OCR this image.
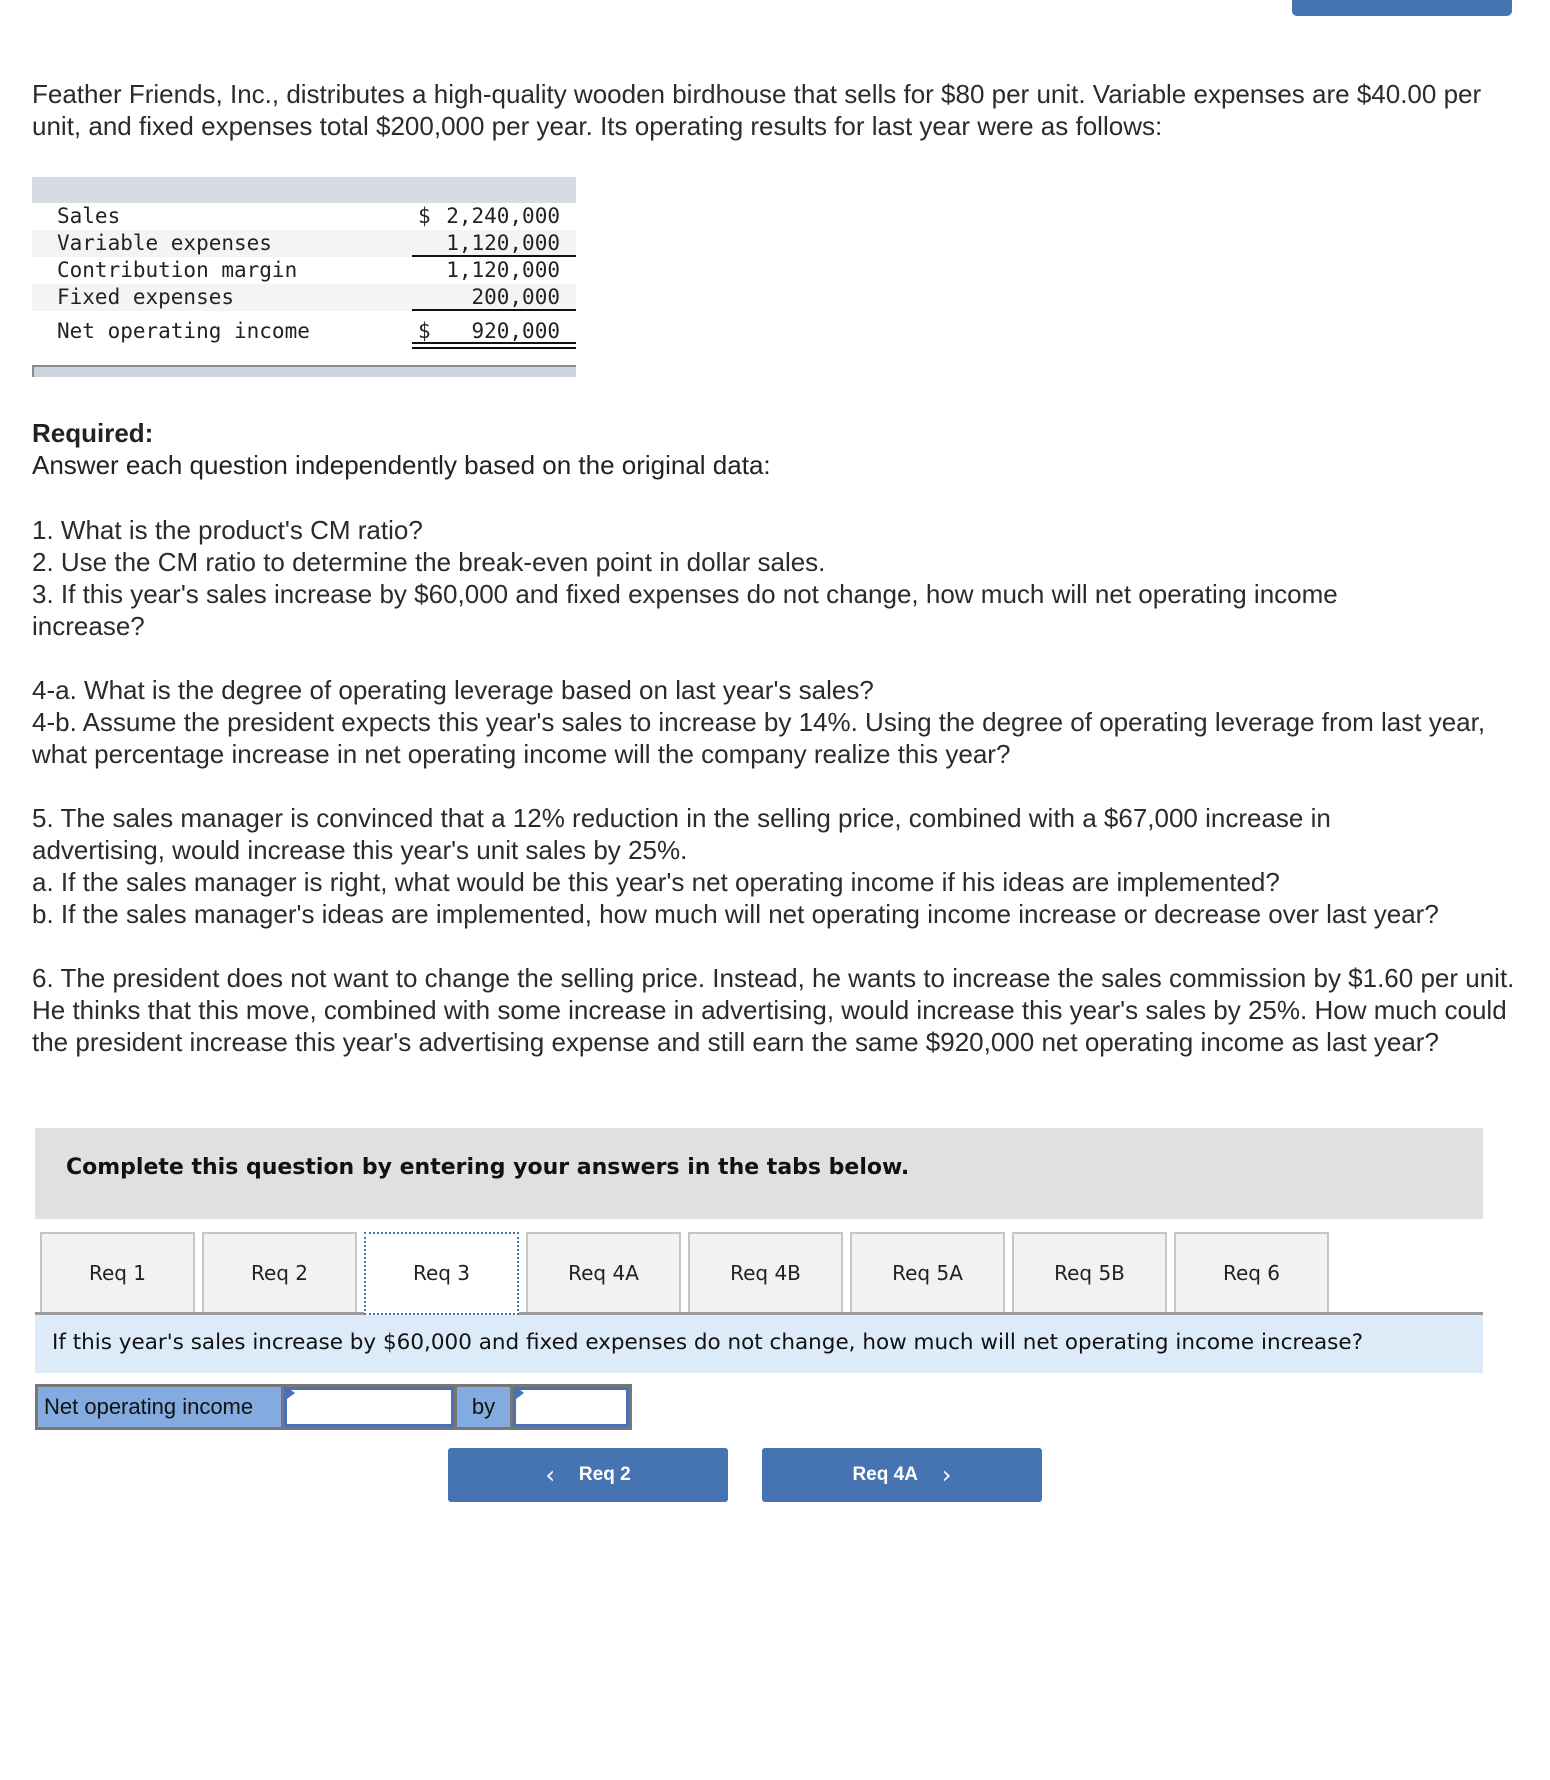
Feather Friends, Inc., distributes a high-quality wooden birdhouse that sells for $80 per unit. Variable expenses are $40.00 per unit, and fixed expenses total $200,000 per year. Its operating results for last year were as follows:
Sales	$ 2,240,000
Variable expenses	1,120,000
Contribution margin	1,120,000
Fixed expenses	200,000
Net operating income	$	920,000
Required:
Answer each question independently based on the original data:
1. What is the product's CM ratio?
2. Use the CM ratio to determine the break-even point in dollar sales.
3. If this year's sales increase by $60,000 and fixed expenses do not change, how much will net operating income increase?
4-a. What is the degree of operating leverage based on last year's sales?
4-b. Assume the president expects this year's sales to increase by 14%. Using the degree of operating leverage from last year, what percentage increase in net operating income will the company realize this year?
5. The sales manager is convinced that a 12% reduction in the selling price, combined with a $67,000 increase in advertising, would increase this year's unit sales by 25%.
a. If the sales manager is right, what would be this year's net operating income if his ideas are implemented?
b. If the sales manager's ideas are implemented, how much will net operating income increase or decrease over last year?
6. The president does not want to change the selling price. Instead, he wants to increase the sales commission by $1.60 per unit. He thinks that this move, combined with some increase in advertising, would increase this year's sales by 25%. How much could the president increase this year's advertising expense and still earn the same $920,000 net operating income as last year?
Complete this question by entering your answers in the tabs below.
Req 1	Req 2	Req 3	Req 4A	Req 4B	Req 5A	Req 5B	Req 6
If this year's sales increase by $60,000 and fixed expenses do not change, how much will net operating income increase?
Net operating income	by
‹ Req 2	Req 4A ›
